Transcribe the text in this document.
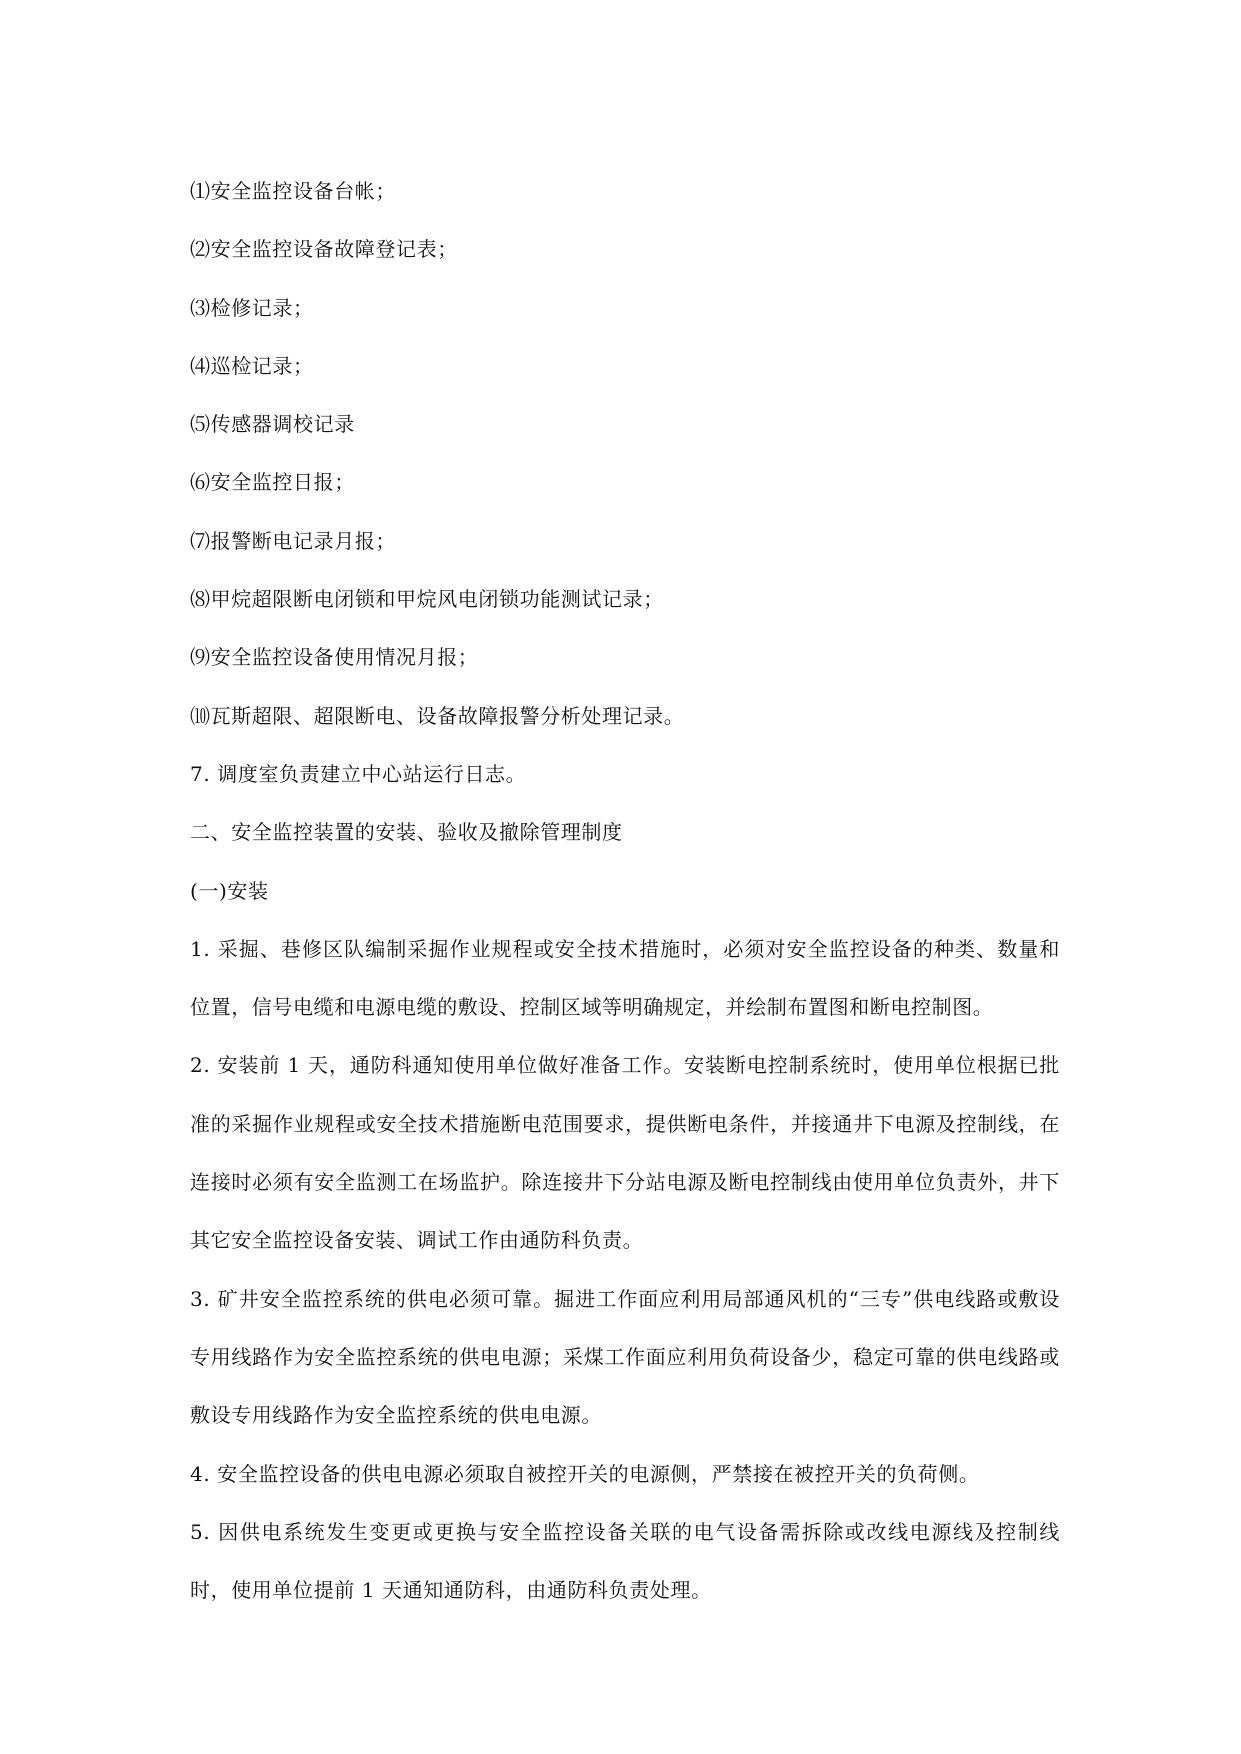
⑴安全监控设备台帐；

⑵安全监控设备故障登记表；

⑶检修记录；

⑷巡检记录；

⑸传感器调校记录

⑹安全监控日报；

⑺报警断电记录月报；

⑻甲烷超限断电闭锁和甲烷风电闭锁功能测试记录；

⑼安全监控设备使用情况月报；

⑽瓦斯超限、超限断电、设备故障报警分析处理记录。

7. 调度室负责建立中心站运行日志。

二、安全监控装置的安装、验收及撤除管理制度

(一)安装

1. 采掘、巷修区队编制采掘作业规程或安全技术措施时，必须对安全监控设备的种类、数量和位置，信号电缆和电源电缆的敷设、控制区域等明确规定，并绘制布置图和断电控制图。

2. 安装前 1 天，通防科通知使用单位做好准备工作。安装断电控制系统时，使用单位根据已批准的采掘作业规程或安全技术措施断电范围要求，提供断电条件，并接通井下电源及控制线，在连接时必须有安全监测工在场监护。除连接井下分站电源及断电控制线由使用单位负责外，井下其它安全监控设备安装、调试工作由通防科负责。

3. 矿井安全监控系统的供电必须可靠。掘进工作面应利用局部通风机的“三专”供电线路或敷设专用线路作为安全监控系统的供电电源；采煤工作面应利用负荷设备少，稳定可靠的供电线路或敷设专用线路作为安全监控系统的供电电源。

4. 安全监控设备的供电电源必须取自被控开关的电源侧，严禁接在被控开关的负荷侧。

5. 因供电系统发生变更或更换与安全监控设备关联的电气设备需拆除或改线电源线及控制线时，使用单位提前 1 天通知通防科，由通防科负责处理。
